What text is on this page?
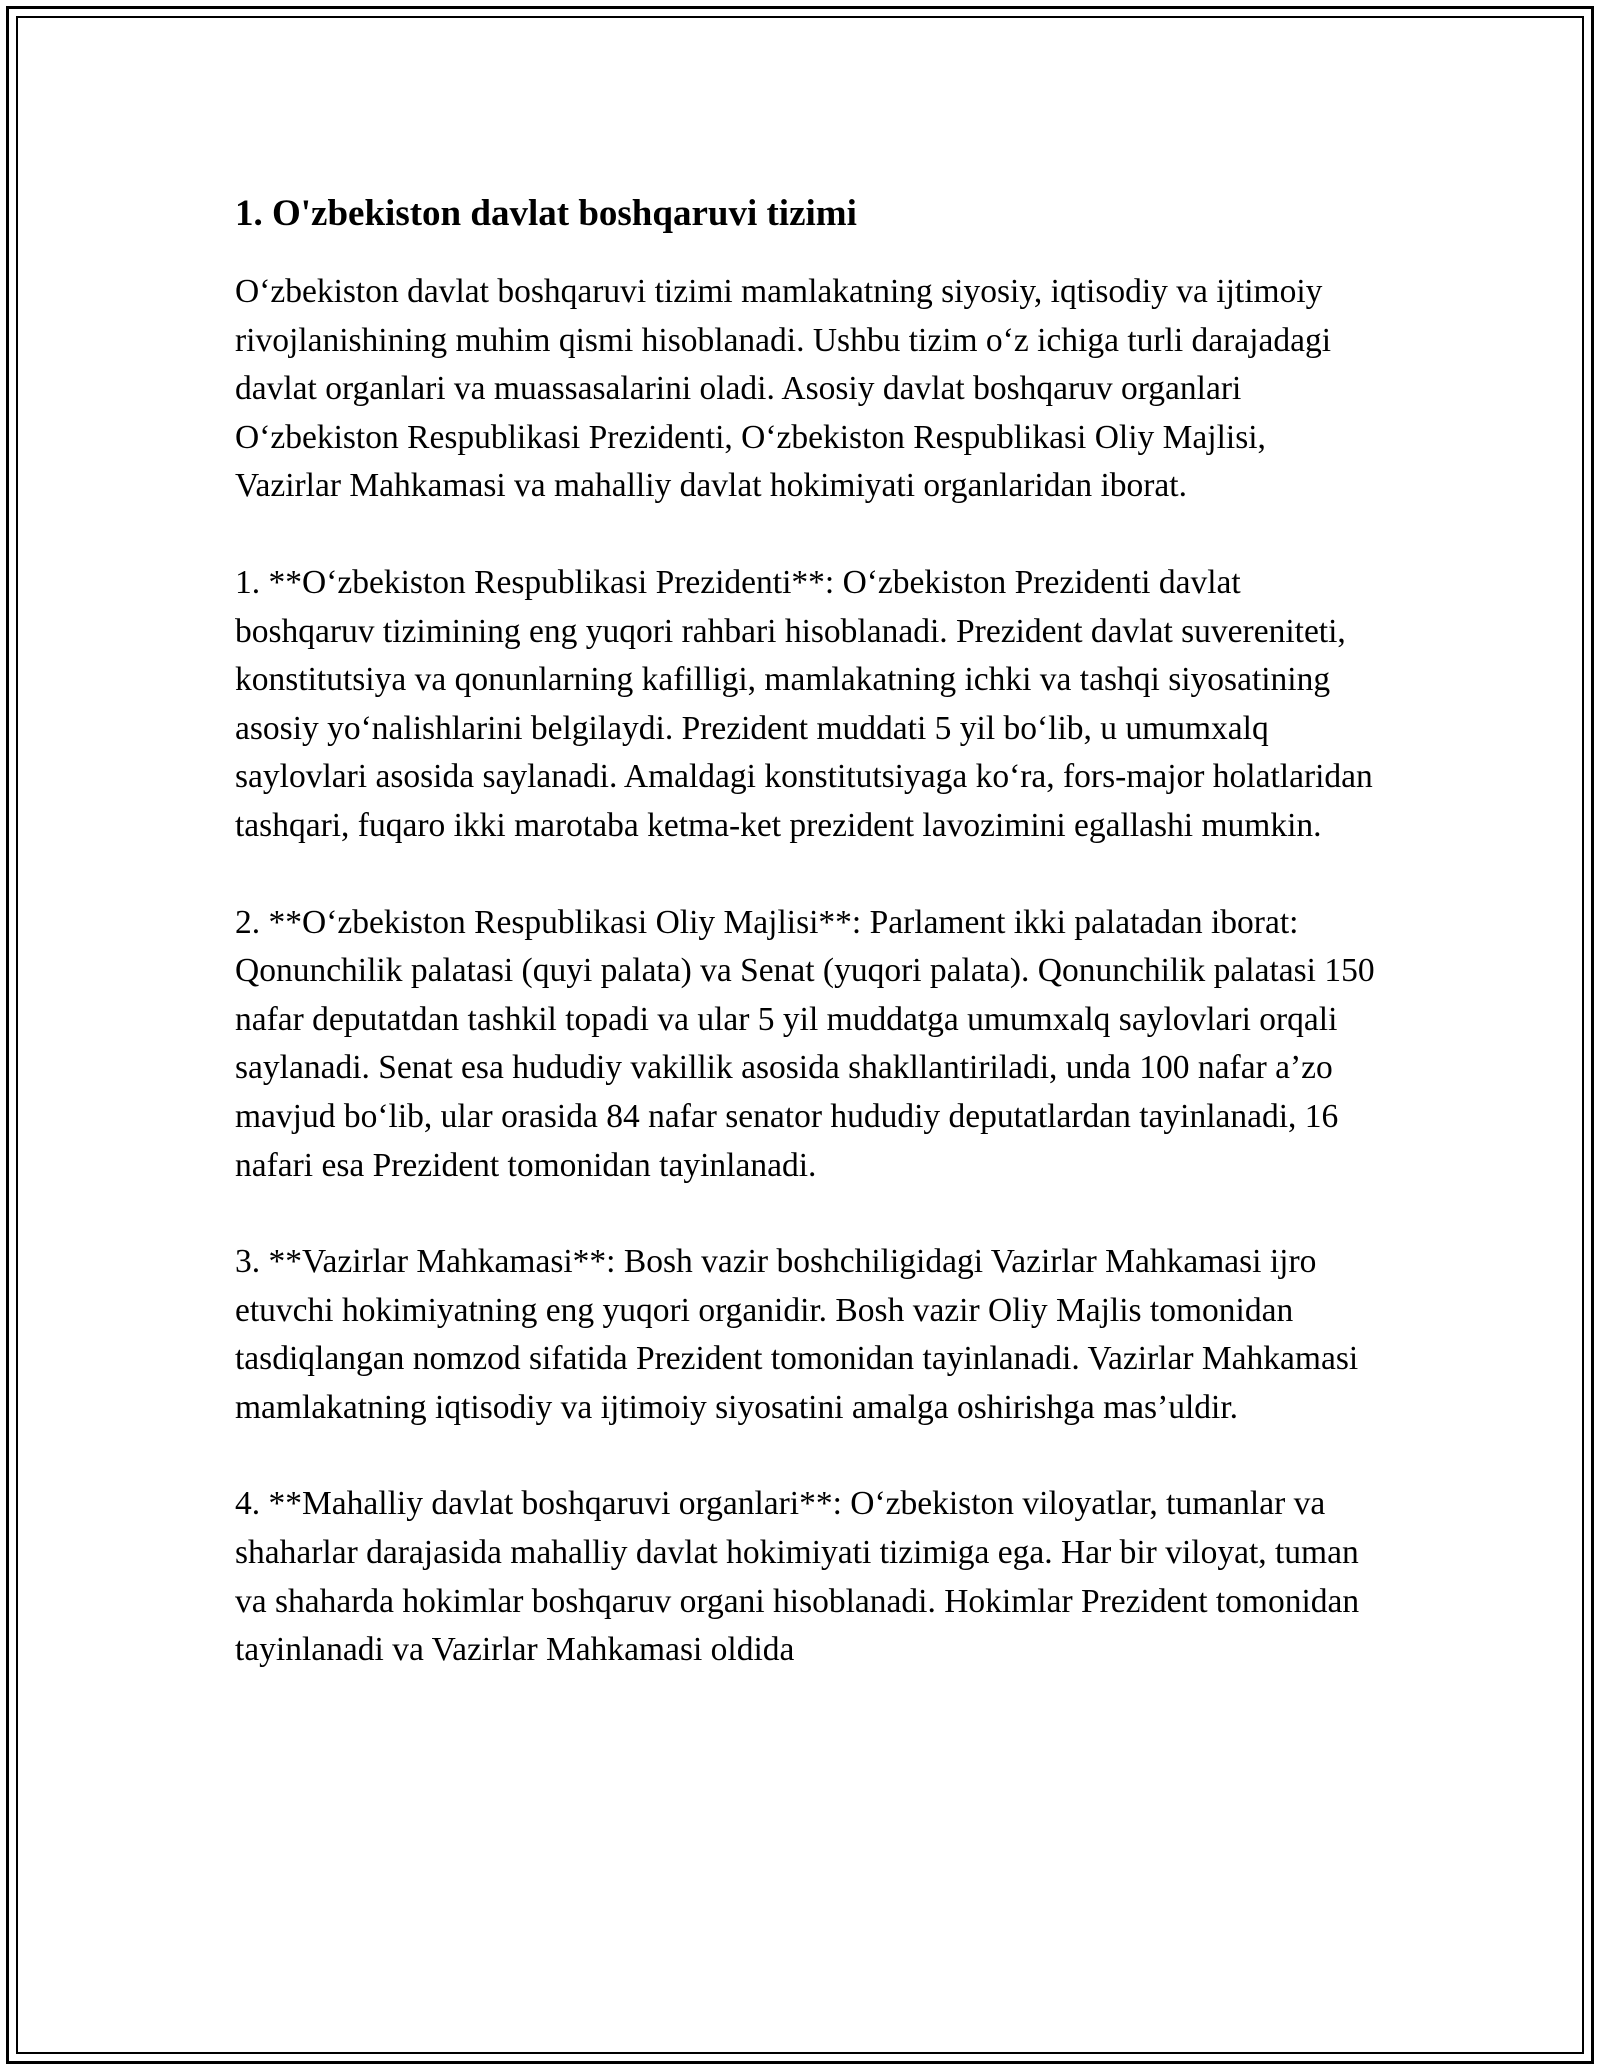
1. O'zbekiston davlat boshqaruvi tizimi

O‘zbekiston davlat boshqaruvi tizimi mamlakatning siyosiy, iqtisodiy va ijtimoiy rivojlanishining muhim qismi hisoblanadi. Ushbu tizim o‘z ichiga turli darajadagi davlat organlari va muassasalarini oladi. Asosiy davlat boshqaruv organlari O‘zbekiston Respublikasi Prezidenti, O‘zbekiston Respublikasi Oliy Majlisi, Vazirlar Mahkamasi va mahalliy davlat hokimiyati organlaridan iborat.

1. **O‘zbekiston Respublikasi Prezidenti**: O‘zbekiston Prezidenti davlat boshqaruv tizimining eng yuqori rahbari hisoblanadi. Prezident davlat suvereniteti, konstitutsiya va qonunlarning kafilligi, mamlakatning ichki va tashqi siyosatining asosiy yo‘nalishlarini belgilaydi. Prezident muddati 5 yil bo‘lib, u umumxalq saylovlari asosida saylanadi. Amaldagi konstitutsiyaga ko‘ra, fors-major holatlaridan tashqari, fuqaro ikki marotaba ketma-ket prezident lavozimini egallashi mumkin.

2. **O‘zbekiston Respublikasi Oliy Majlisi**: Parlament ikki palatadan iborat: Qonunchilik palatasi (quyi palata) va Senat (yuqori palata). Qonunchilik palatasi 150 nafar deputatdan tashkil topadi va ular 5 yil muddatga umumxalq saylovlari orqali saylanadi. Senat esa hududiy vakillik asosida shakllantiriladi, unda 100 nafar a’zo mavjud bo‘lib, ular orasida 84 nafar senator hududiy deputatlardan tayinlanadi, 16 nafari esa Prezident tomonidan tayinlanadi.

3. **Vazirlar Mahkamasi**: Bosh vazir boshchiligidagi Vazirlar Mahkamasi ijro etuvchi hokimiyatning eng yuqori organidir. Bosh vazir Oliy Majlis tomonidan tasdiqlangan nomzod sifatida Prezident tomonidan tayinlanadi. Vazirlar Mahkamasi mamlakatning iqtisodiy va ijtimoiy siyosatini amalga oshirishga mas’uldir.

4. **Mahalliy davlat boshqaruvi organlari**: O‘zbekiston viloyatlar, tumanlar va shaharlar darajasida mahalliy davlat hokimiyati tizimiga ega. Har bir viloyat, tuman va shaharda hokimlar boshqaruv organi hisoblanadi. Hokimlar Prezident tomonidan tayinlanadi va Vazirlar Mahkamasi oldida
